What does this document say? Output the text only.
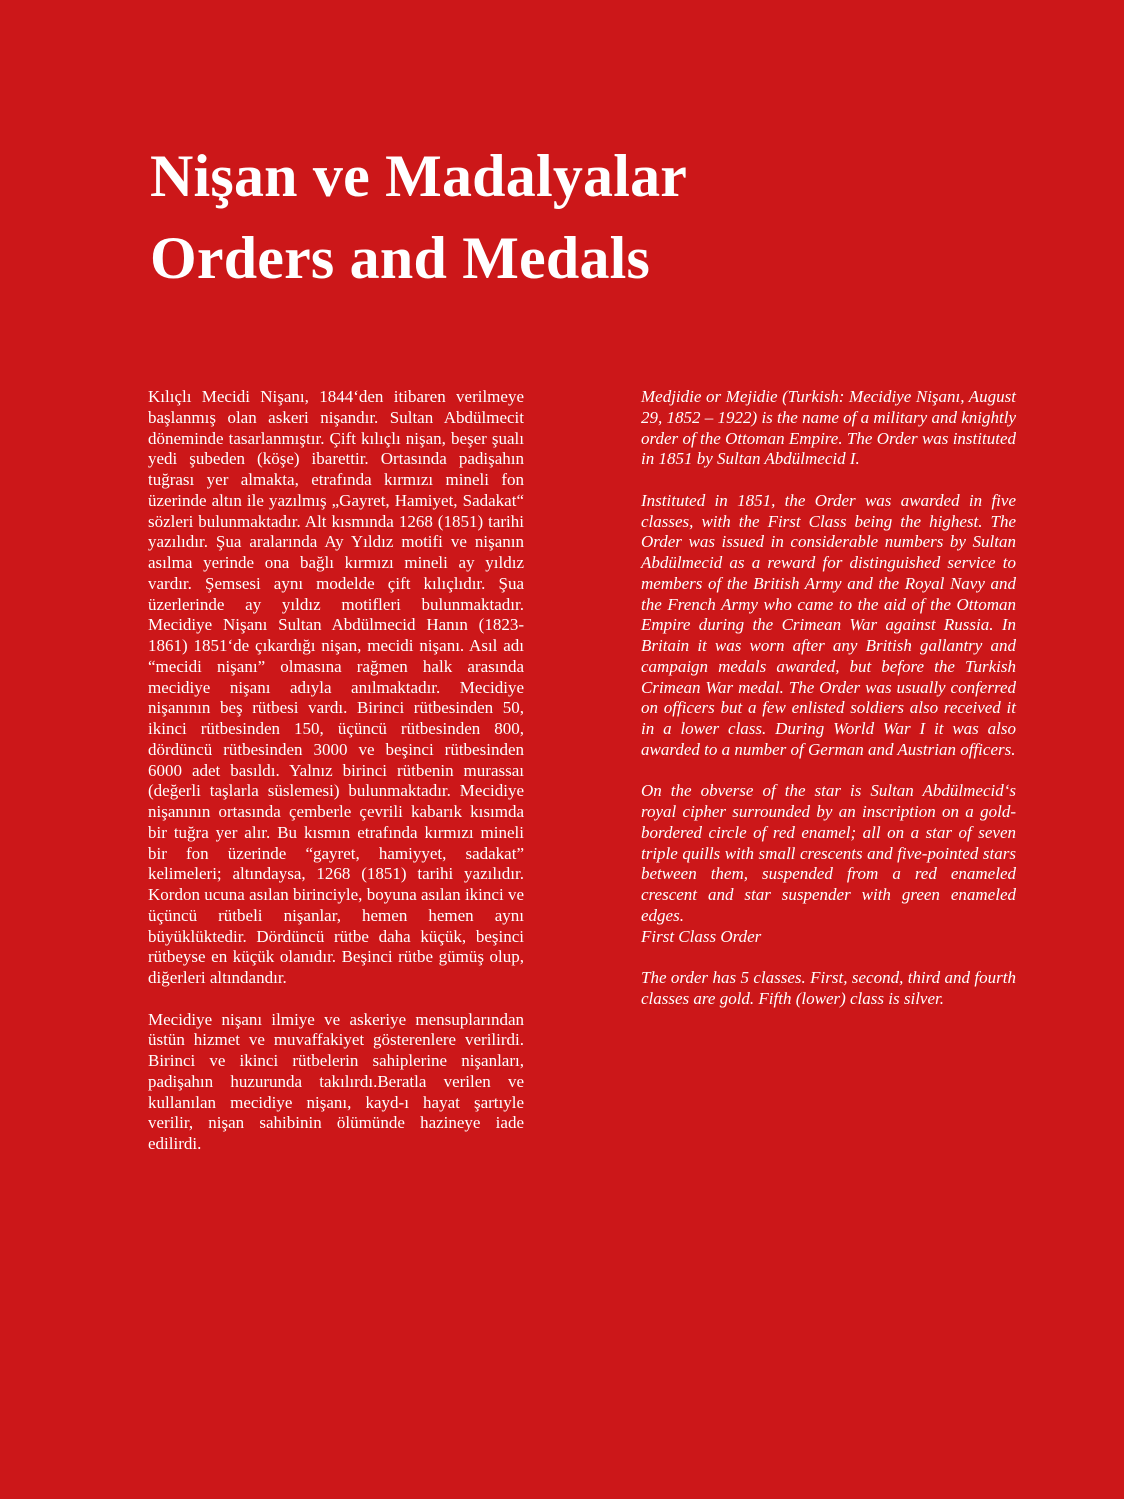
Nişan ve Madalyalar
Orders and Medals

Kılıçlı Mecidi Nişanı, 1844‘den itibaren verilmeye başlanmış olan askeri nişandır. Sultan Abdülmecit döneminde tasarlanmıştır. Çift kılıçlı nişan, beşer şualı yedi şubeden (köşe) ibarettir. Ortasında padişahın tuğrası yer almakta, etrafında kırmızı mineli fon üzerinde altın ile yazılmış „Gayret, Hamiyet, Sadakat“ sözleri bulunmaktadır. Alt kısmında 1268 (1851) tarihi yazılıdır. Şua aralarında Ay Yıldız motifi ve nişanın asılma yerinde ona bağlı kırmızı mineli ay yıldız vardır. Şemsesi aynı modelde çift kılıçlıdır. Şua üzerlerinde ay yıldız motifleri bulunmaktadır. Mecidiye Nişanı Sultan Abdülmecid Hanın (1823-1861) 1851‘de çıkardığı nişan, mecidi nişanı. Asıl adı “mecidi nişanı” olmasına rağmen halk arasında mecidiye nişanı adıyla anılmaktadır. Mecidiye nişanının beş rütbesi vardı. Birinci rütbesinden 50, ikinci rütbesinden 150, üçüncü rütbesinden 800, dördüncü rütbesinden 3000 ve beşinci rütbesinden 6000 adet basıldı. Yalnız birinci rütbenin murassaı (değerli taşlarla süslemesi) bulunmaktadır. Mecidiye nişanının ortasında çemberle çevrili kabarık kısımda bir tuğra yer alır. Bu kısmın etrafında kırmızı mineli bir fon üzerinde “gayret, hamiyyet, sadakat” kelimeleri; altındaysa, 1268 (1851) tarihi yazılıdır. Kordon ucuna asılan birinciyle, boyuna asılan ikinci ve üçüncü rütbeli nişanlar, hemen hemen aynı büyüklüktedir. Dördüncü rütbe daha küçük, beşinci rütbeyse en küçük olanıdır. Beşinci rütbe gümüş olup, diğerleri altındandır.

Mecidiye nişanı ilmiye ve askeriye mensuplarından üstün hizmet ve muvaffakiyet gösterenlere verilirdi. Birinci ve ikinci rütbelerin sahiplerine nişanları, padişahın huzurunda takılırdı.Beratla verilen ve kullanılan mecidiye nişanı, kayd-ı hayat şartıyle verilir, nişan sahibinin ölümünde hazineye iade edilirdi.

Medjidie or Mejidie (Turkish: Mecidiye Nişanı, August 29, 1852 – 1922) is the name of a military and knightly order of the Ottoman Empire. The Order was instituted in 1851 by Sultan Abdülmecid I.

Instituted in 1851, the Order was awarded in five classes, with the First Class being the highest. The Order was issued in considerable numbers by Sultan Abdülmecid as a reward for distinguished service to members of the British Army and the Royal Navy and the French Army who came to the aid of the Ottoman Empire during the Crimean War against Russia. In Britain it was worn after any British gallantry and campaign medals awarded, but before the Turkish Crimean War medal. The Order was usually conferred on officers but a few enlisted soldiers also received it in a lower class. During World War I it was also awarded to a number of German and Austrian officers.

On the obverse of the star is Sultan Abdülmecid‘s royal cipher surrounded by an inscription on a gold-bordered circle of red enamel; all on a star of seven triple quills with small crescents and five-pointed stars between them, suspended from a red enameled crescent and star suspender with green enameled edges.
First Class Order

The order has 5 classes. First, second, third and fourth classes are gold. Fifth (lower) class is silver.
